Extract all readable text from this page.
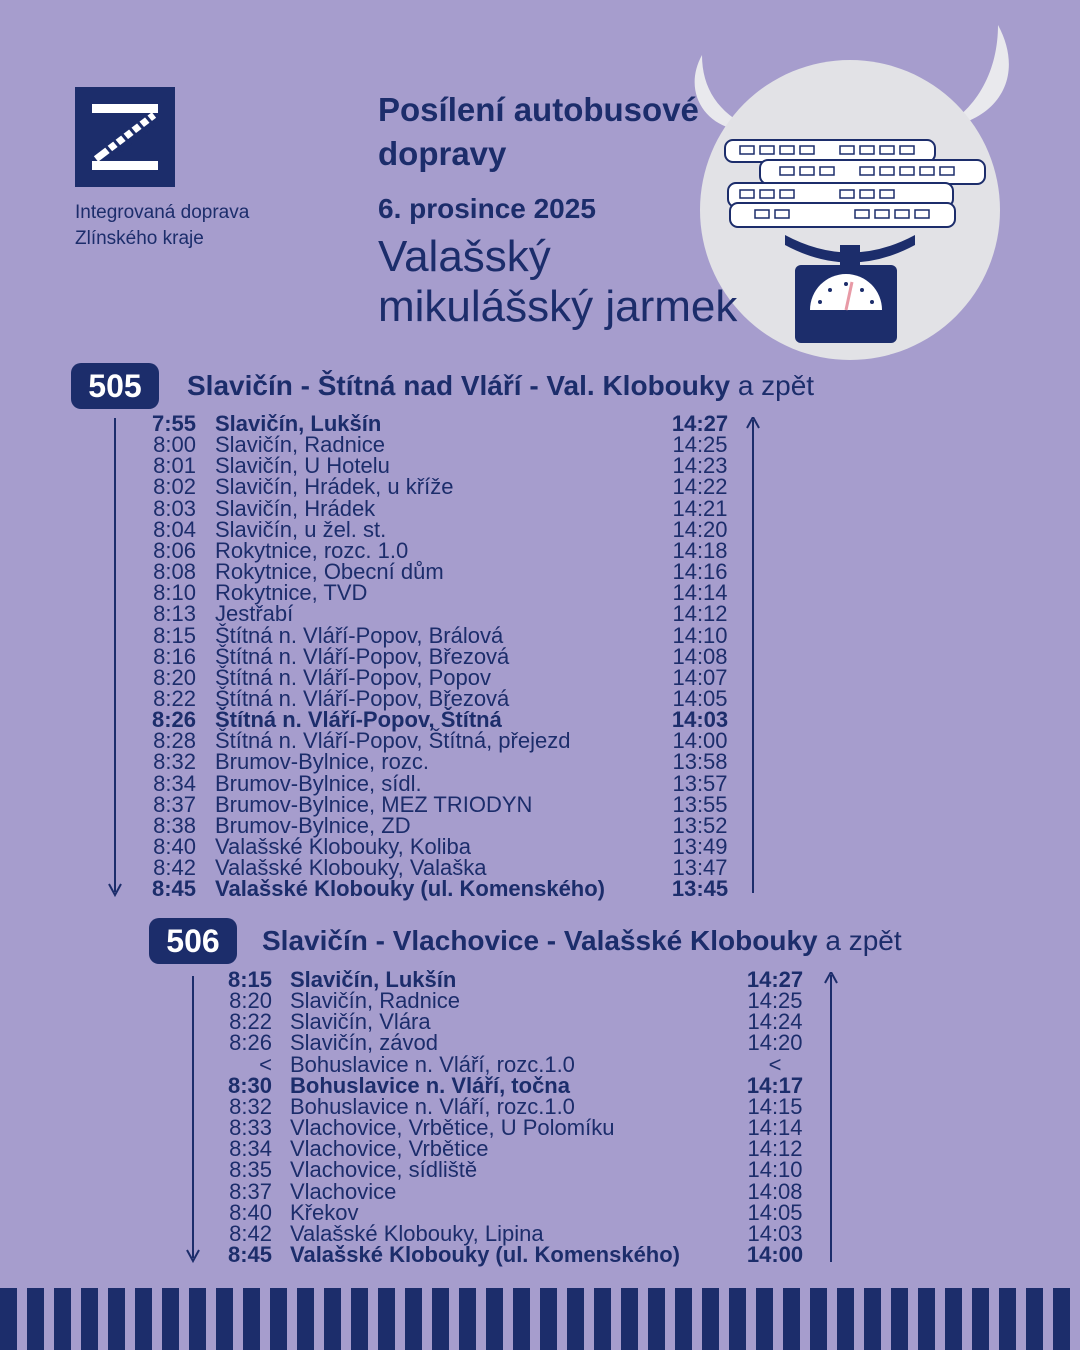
Integrovaná doprava
Zlínského kraje
Posílení autobusové
dopravy
6. prosince 2025
Valašský
mikulášský jarmek
505	Slavičín - Štítná nad Vláří - Val. Klobouky a zpět
7:55 Slavičín, Lukšín	14:27
8:00 Slavičín, Radnice	14:25
8:01 Slavičín, U Hotelu	14:23
8:02 Slavičín, Hrádek, u kříže	14:22
8:03 Slavičín, Hrádek	14:21
8:04 Slavičín, u žel. st.	14:20
8:06 Rokytnice, rozc. 1.0	14:18
8:08 Rokytnice, Obecní dům	14:16
8:10 Rokytnice, TVD	14:14
8:13 Jestřabí	14:12
8:15 Štítná n. Vláří-Popov, Brálová	14:10
8:16 Štítná n. Vláří-Popov, Březová	14:08
8:20 Štítná n. Vláří-Popov, Popov	14:07
8:22 Štítná n. Vláří-Popov, Březová	14:05
8:26 Štítná n. Vláří-Popov, Štítná	14:03
8:28 Štítná n. Vláří-Popov, Štítná, přejezd	14:00
8:32 Brumov-Bylnice, rozc.	13:58
8:34 Brumov-Bylnice, sídl.	13:57
8:37 Brumov-Bylnice, MEZ TRIODYN	13:55
8:38 Brumov-Bylnice, ZD	13:52
8:40 Valašské Klobouky, Koliba	13:49
8:42 Valašské Klobouky, Valaška	13:47
8:45 Valašské Klobouky (ul. Komenského)	13:45
506	Slavičín - Vlachovice - Valašské Klobouky a zpět
8:15 Slavičín, Lukšín	14:27
8:20 Slavičín, Radnice	14:25
8:22 Slavičín, Vlára	14:24
8:26 Slavičín, závod	14:20
< Bohuslavice n. Vláří, rozc.1.0	<
8:30 Bohuslavice n. Vláří, točna	14:17
8:32 Bohuslavice n. Vláří, rozc.1.0	14:15
8:33 Vlachovice, Vrbětice, U Polomíku	14:14
8:34 Vlachovice, Vrbětice	14:12
8:35 Vlachovice, sídliště	14:10
8:37 Vlachovice	14:08
8:40 Křekov	14:05
8:42 Valašské Klobouky, Lipina	14:03
8:45 Valašské Klobouky (ul. Komenského)	14:00
